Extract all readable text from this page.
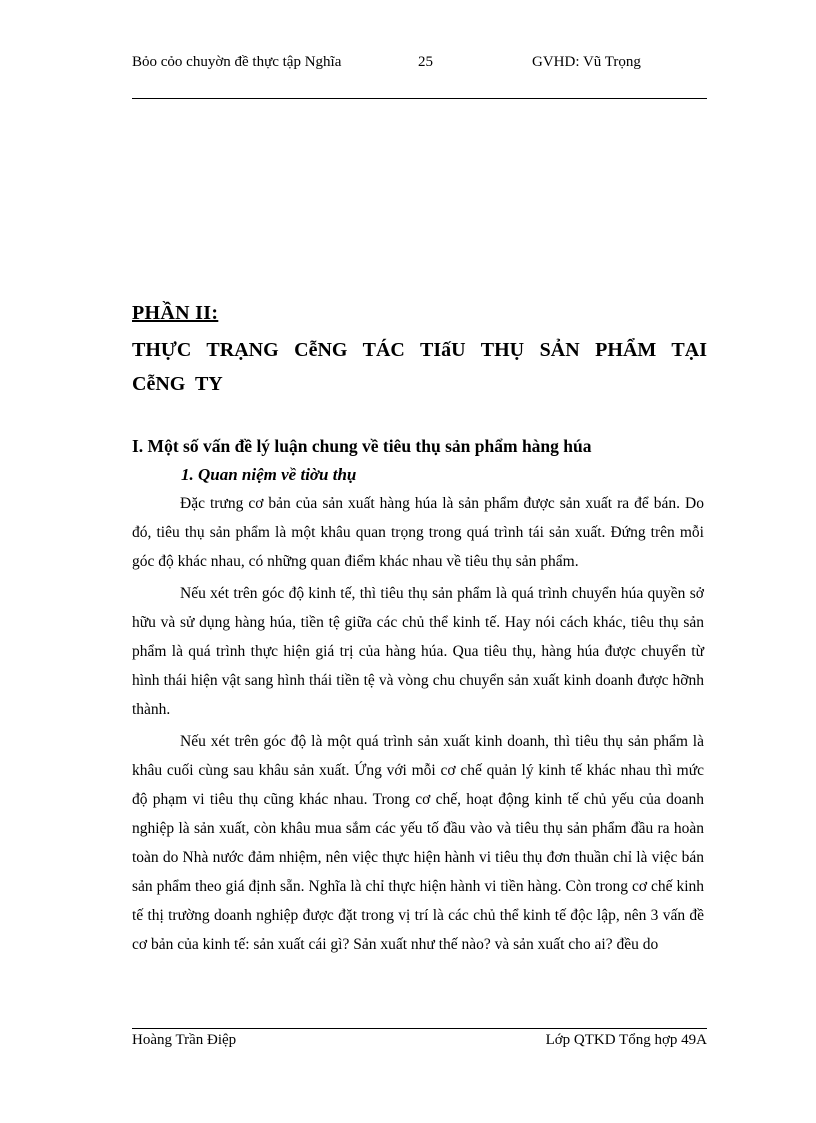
Bỏo cỏo chuyờn đề thực tập Nghĩa	25	GVHD: Vũ Trọng
PHẦN II:
THỰC TRẠNG CễNG TÁC TIấU THỤ SẢN PHẨM TẠI CễNG TY
I. Một số vấn đề lý luận chung về tiêu thụ sản phẩm hàng húa
1. Quan niệm về tiờu thụ

Đặc trưng cơ bản của sản xuất hàng húa là sản phẩm được sản xuất ra để bán. Do đó, tiêu thụ sản phẩm là một khâu quan trọng trong quá trình tái sản xuất. Đứng trên mỗi góc độ khác nhau, có những quan điểm khác nhau về tiêu thụ sản phẩm.

Nếu xét trên góc độ kinh tế, thì tiêu thụ sản phẩm là quá trình chuyển húa quyền sở hữu và sử dụng hàng húa, tiền tệ giữa các chủ thể kinh tế. Hay nói cách khác, tiêu thụ sản phẩm là quá trình thực hiện giá trị của hàng húa. Qua tiêu thụ, hàng húa được chuyển từ hình thái hiện vật sang hình thái tiền tệ và vòng chu chuyển sản xuất kinh doanh được hỡnh thành.

Nếu xét trên góc độ là một quá trình sản xuất kinh doanh, thì tiêu thụ sản phẩm là khâu cuối cùng sau khâu sản xuất. Ứng với mỗi cơ chế quản lý kinh tế khác nhau thì mức độ phạm vi tiêu thụ cũng khác nhau. Trong cơ chế, hoạt động kinh tế chủ yếu của doanh nghiệp là sản xuất, còn khâu mua sắm các yếu tố đầu vào và tiêu thụ sản phẩm đầu ra hoàn toàn do Nhà nước đảm nhiệm, nên việc thực hiện hành vi tiêu thụ đơn thuần chỉ là việc bán sản phẩm theo giá định sẵn. Nghĩa là chỉ thực hiện hành vi tiền hàng. Còn trong cơ chế kinh tế thị trường doanh nghiệp được đặt trong vị trí là các chủ thể kinh tế độc lập, nên 3 vấn đề cơ bản của kinh tế: sản xuất cái gì? Sản xuất như thế nào? và sản xuất cho ai? đều do

Hoàng Trần Điệp	Lớp QTKD Tổng hợp 49A
